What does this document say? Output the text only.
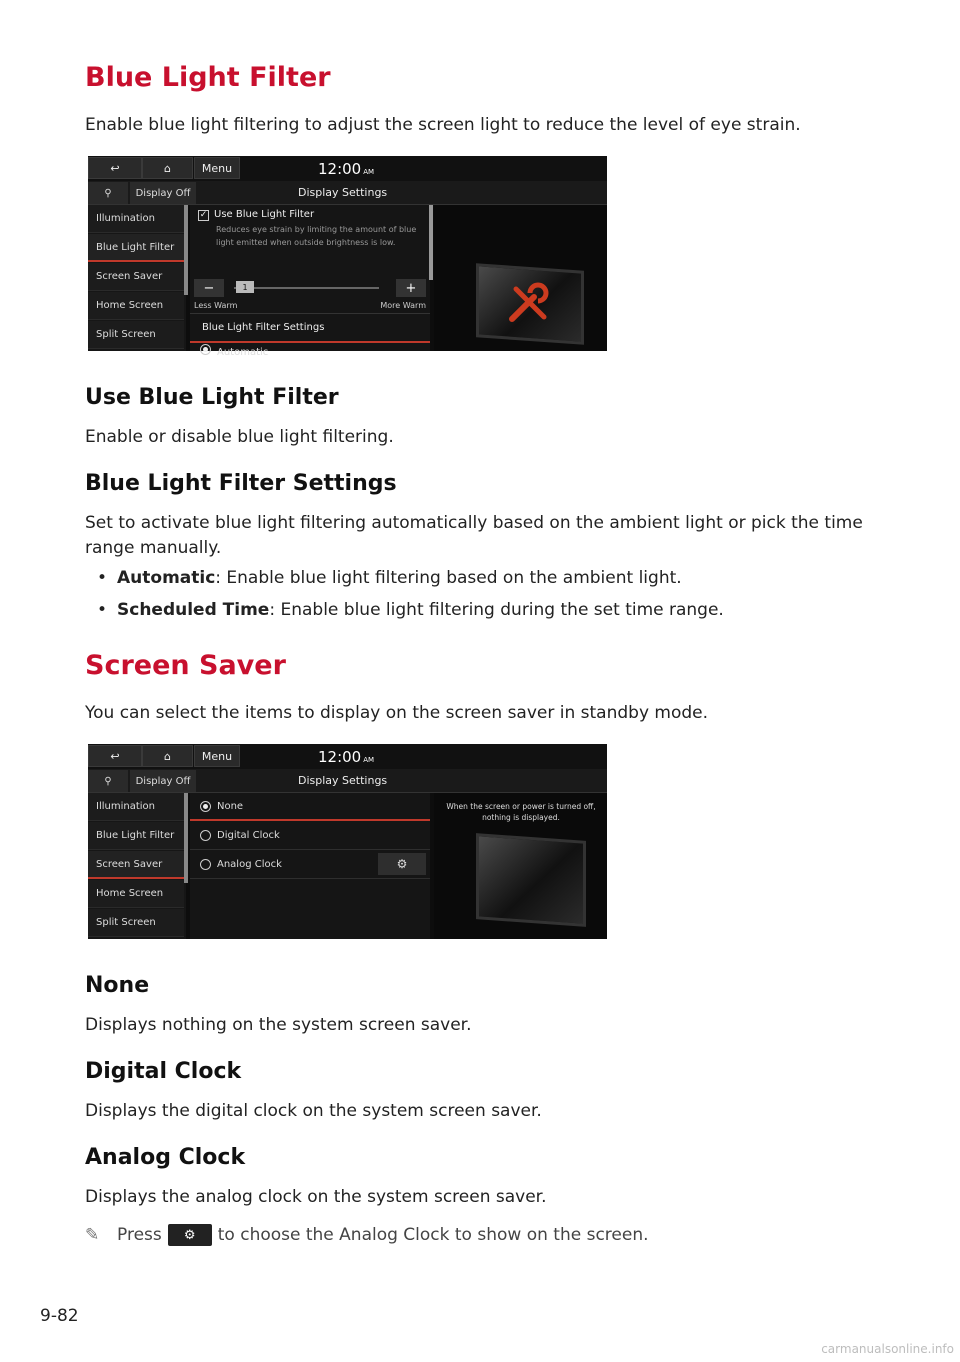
Blue Light Filter
Enable blue light filtering to adjust the screen light to reduce the level of eye strain.
↩	⌂	Menu	12:00 AM
⚲	Display Off	Display Settings
Illumination
Blue Light Filter
Screen Saver
Home Screen
Split Screen
✓ Use Blue Light Filter
Reduces eye strain by limiting the amount of blue light emitted when outside brightness is low.
−	1	+
Less Warm	More Warm
Blue Light Filter Settings
Automatic
Use Blue Light Filter
Enable or disable blue light filtering.
Blue Light Filter Settings
Set to activate blue light filtering automatically based on the ambient light or pick the time range manually.
• Automatic: Enable blue light filtering based on the ambient light.
• Scheduled Time: Enable blue light filtering during the set time range.
Screen Saver
You can select the items to display on the screen saver in standby mode.
↩	⌂	Menu	12:00 AM
⚲	Display Off	Display Settings
Illumination
Blue Light Filter
Screen Saver
Home Screen
Split Screen
None
Digital Clock
Analog Clock	⚙
When the screen or power is turned off, nothing is displayed.
None
Displays nothing on the system screen saver.
Digital Clock
Displays the digital clock on the system screen saver.
Analog Clock
Displays the analog clock on the system screen saver.
✎	Press	⚙	to choose the Analog Clock to show on the screen.
9-82
carmanualsonline.info
